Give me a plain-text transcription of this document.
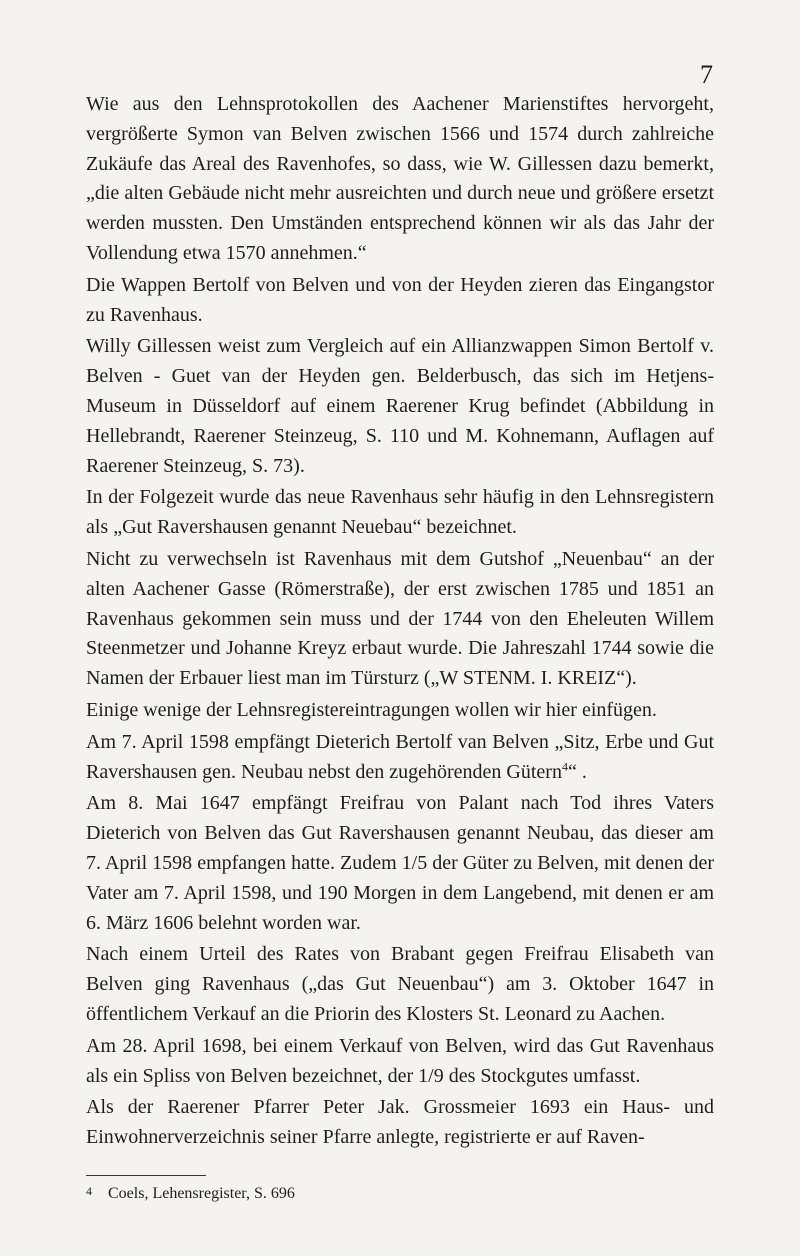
7

Wie aus den Lehnsprotokollen des Aachener Marienstiftes hervorgeht, vergrößerte Symon van Belven zwischen 1566 und 1574 durch zahlreiche Zukäufe das Areal des Ravenhofes, so dass, wie W. Gillessen dazu bemerkt, „die alten Gebäude nicht mehr ausreichten und durch neue und größere ersetzt werden mussten. Den Umständen entsprechend können wir als das Jahr der Vollendung etwa 1570 annehmen.“

Die Wappen Bertolf von Belven und von der Heyden zieren das Eingangstor zu Ravenhaus.

Willy Gillessen weist zum Vergleich auf ein Allianzwappen Simon Bertolf v. Belven - Guet van der Heyden gen. Belderbusch, das sich im Hetjens-Museum in Düsseldorf auf einem Raerener Krug befindet (Abbildung in Hellebrandt, Raerener Steinzeug, S. 110 und M. Kohnemann, Auflagen auf Raerener Steinzeug, S. 73).

In der Folgezeit wurde das neue Ravenhaus sehr häufig in den Lehnsregistern als „Gut Ravershausen genannt Neuebau“ bezeichnet.

Nicht zu verwechseln ist Ravenhaus mit dem Gutshof „Neuenbau“ an der alten Aachener Gasse (Römerstraße), der erst zwischen 1785 und 1851 an Ravenhaus gekommen sein muss und der 1744 von den Eheleuten Willem Steenmetzer und Johanne Kreyz erbaut wurde. Die Jahreszahl 1744 sowie die Namen der Erbauer liest man im Türsturz („W STENM. I. KREIZ“).

Einige wenige der Lehnsregistereintragungen wollen wir hier einfügen.

Am 7. April 1598 empfängt Dieterich Bertolf van Belven „Sitz, Erbe und Gut Ravershausen gen. Neubau nebst den zugehörenden Gütern$^4$“ .

Am 8. Mai 1647 empfängt Freifrau von Palant nach Tod ihres Vaters Dieterich von Belven das Gut Ravershausen genannt Neubau, das dieser am 7. April 1598 empfangen hatte. Zudem 1/5 der Güter zu Belven, mit denen der Vater am 7. April 1598, und 190 Morgen in dem Langebend, mit denen er am 6. März 1606 belehnt worden war.

Nach einem Urteil des Rates von Brabant gegen Freifrau Elisabeth van Belven ging Ravenhaus („das Gut Neuenbau“) am 3. Oktober 1647 in öffentlichem Verkauf an die Priorin des Klosters St. Leonard zu Aachen.

Am 28. April 1698, bei einem Verkauf von Belven, wird das Gut Ravenhaus als ein Spliss von Belven bezeichnet, der 1/9 des Stockgutes umfasst.

Als der Raerener Pfarrer Peter Jak. Grossmeier 1693 ein Haus- und Einwohnerverzeichnis seiner Pfarre anlegte, registrierte er auf Raven-

4 Coels, Lehensregister, S. 696
